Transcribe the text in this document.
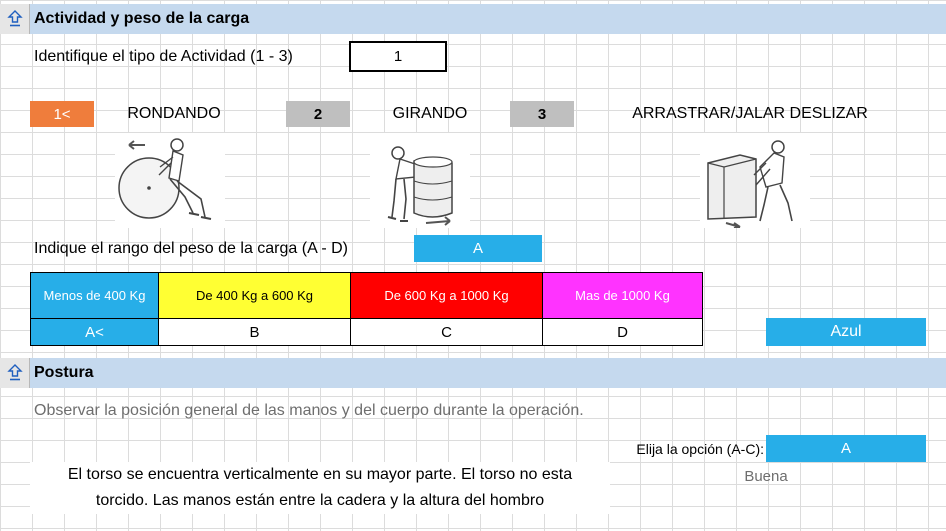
Actividad y peso de la carga
Identifique el tipo de Actividad (1 - 3)	1
1<	RONDANDO	2	GIRANDO	3	ARRASTRAR/JALAR DESLIZAR
Indique el rango del peso de la carga (A - D)	A
Menos de 400 Kg	De 400 Kg a 600 Kg	De 600 Kg a 1000 Kg	Mas de 1000 Kg
A<	B	C	D	Azul
Postura
Observar la posición general de las manos y del cuerpo durante la operación.
Elija la opción (A-C):	A
Buena
El torso se encuentra verticalmente en su mayor parte. El torso no esta
torcido. Las manos están entre la cadera y la altura del hombro
